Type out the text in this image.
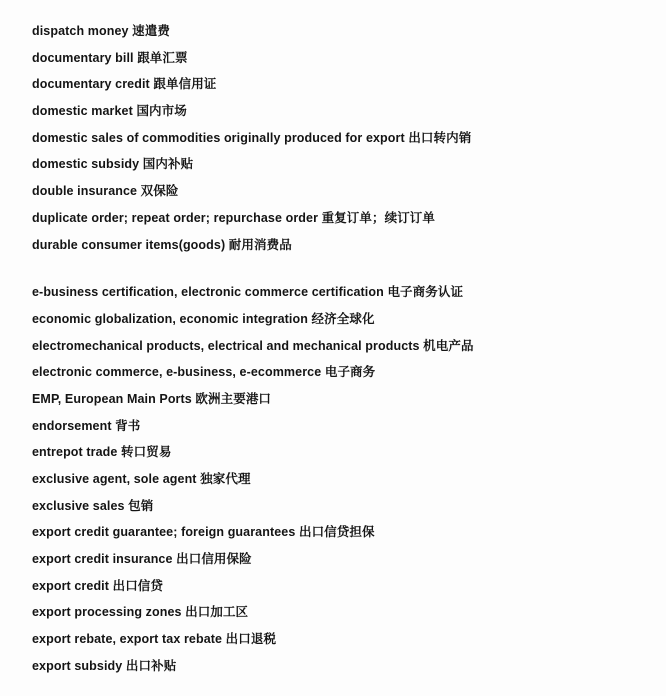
dispatch money 速遣费
documentary bill 跟单汇票
documentary credit 跟单信用证
domestic market 国内市场
domestic sales of commodities originally produced for export 出口转内销
domestic subsidy 国内补贴
double insurance 双保险
duplicate order; repeat order; repurchase order 重复订单；续订订单
durable consumer items(goods) 耐用消费品
e-business certification, electronic commerce certification 电子商务认证
economic globalization, economic integration 经济全球化
electromechanical products, electrical and mechanical products 机电产品
electronic commerce, e-business, e-ecommerce 电子商务
EMP, European Main Ports 欧洲主要港口
endorsement 背书
entrepot trade 转口贸易
exclusive agent, sole agent 独家代理
exclusive sales 包销
export credit guarantee; foreign guarantees 出口信贷担保
export credit insurance 出口信用保险
export credit 出口信贷
export processing zones 出口加工区
export rebate, export tax rebate 出口退税
export subsidy 出口补贴
